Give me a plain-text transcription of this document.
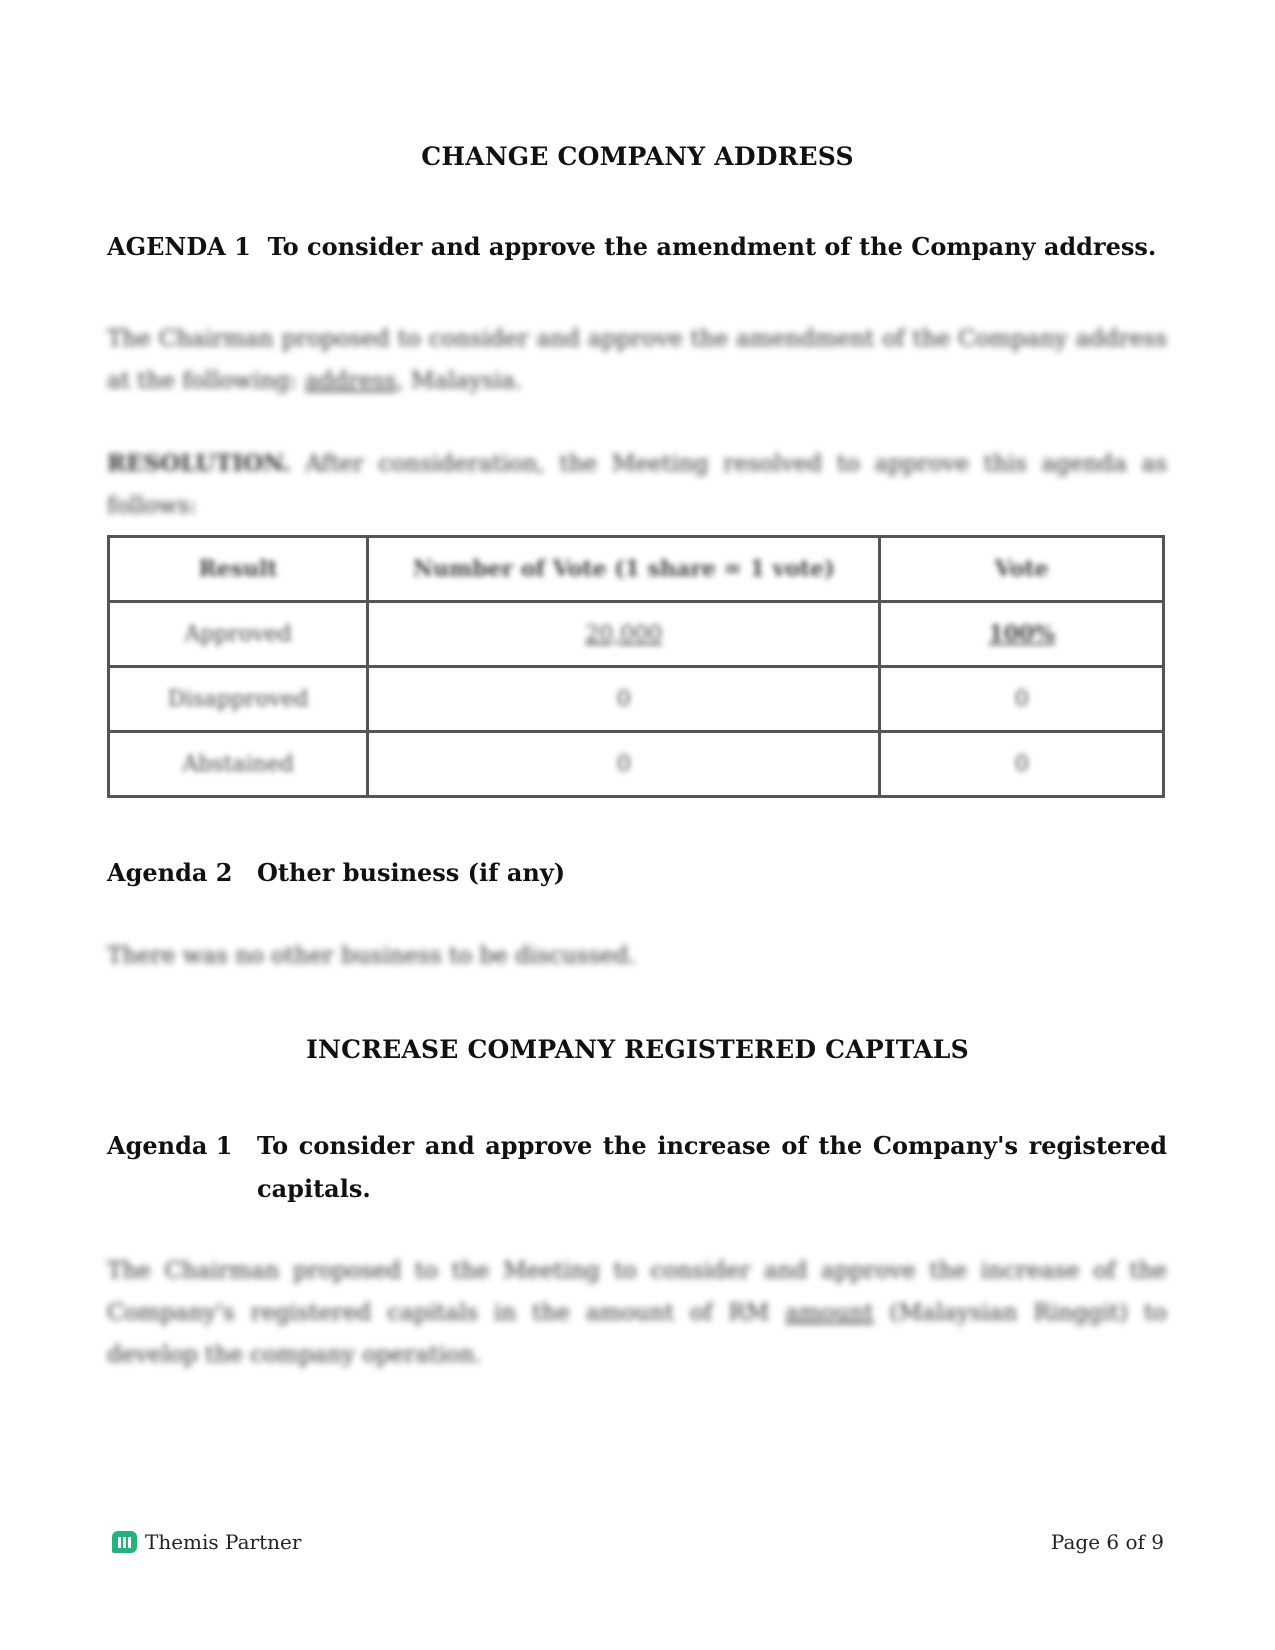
CHANGE COMPANY ADDRESS
AGENDA 1 To consider and approve the amendment of the Company address.
The Chairman proposed to consider and approve the amendment of the Company address at the following: address, Malaysia.
RESOLUTION. After consideration, the Meeting resolved to approve this agenda as follows:
Result	Number of Vote (1 share = 1 vote)	Vote
Approved	20,000	100%
Disapproved	0	0
Abstained	0	0
Agenda 2 Other business (if any)
There was no other business to be discussed.
INCREASE COMPANY REGISTERED CAPITALS
Agenda 1 To consider and approve the increase of the Company's registered capitals.
The Chairman proposed to the Meeting to consider and approve the increase of the Company's registered capitals in the amount of RM amount (Malaysian Ringgit) to develop the company operation.
Themis Partner	Page 6 of 9
